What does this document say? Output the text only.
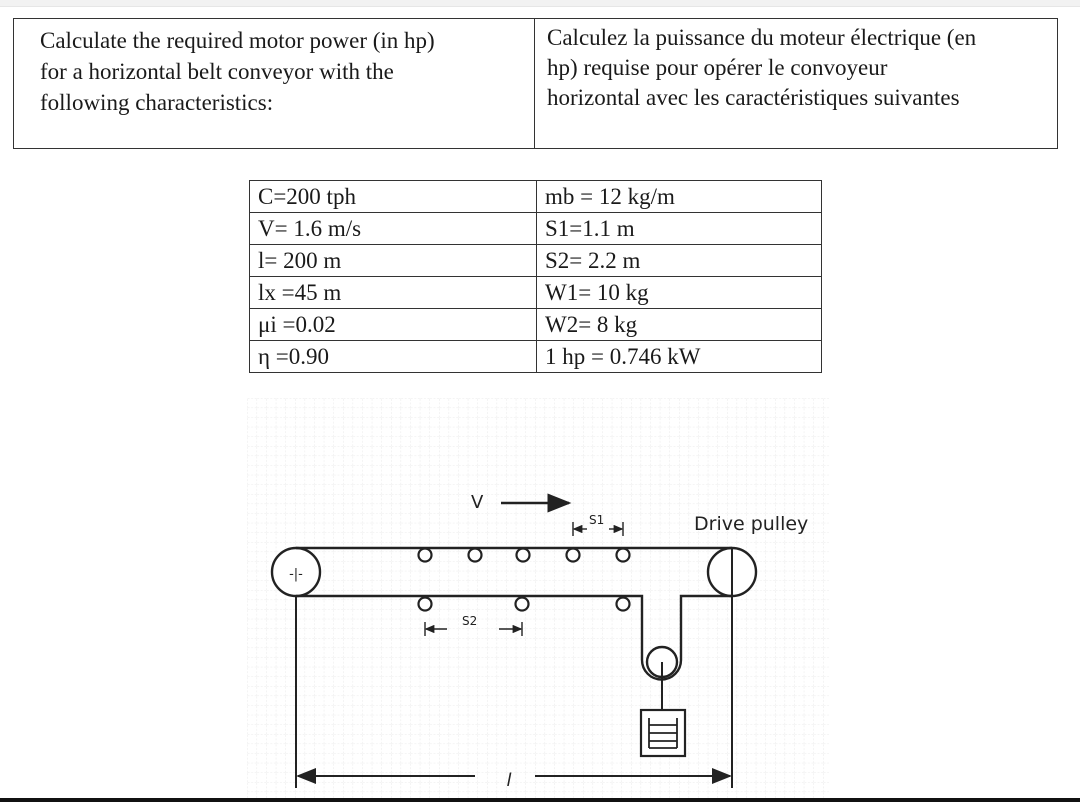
Calculate the required motor power (in hp)
for a horizontal belt conveyor with the
following characteristics:

Calculez la puissance du moteur électrique (en
hp) requise pour opérer le convoyeur
horizontal avec les caractéristiques suivantes
C=200 tph	mb = 12 kg/m
V= 1.6 m/s	S1=1.1 m
l= 200 m	S2= 2.2 m
lx =45 m	W1= 10 kg
μi =0.02	W2= 8 kg
η =0.90	1 hp = 0.746 kW
-|-
V
S1
S2
Drive pulley
l
